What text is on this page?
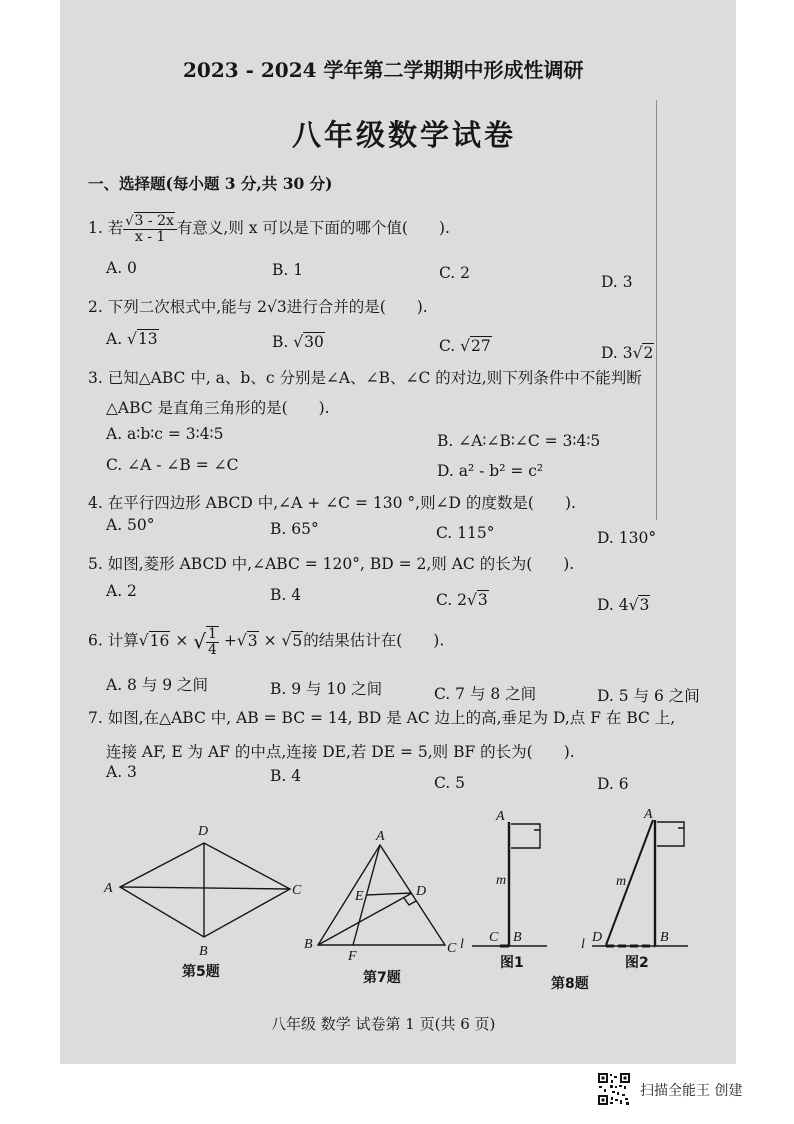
2023 - 2024 学年第二学期期中形成性调研
八年级数学试卷
一、选择题(每小题 3 分,共 30 分)
1. 若 $\frac{√3 - 2x}{x - 1}$ 有意义,则 x 可以是下面的哪个值(　　).
A. 0	B. 1	C. 2	D. 3
2. 下列二次根式中,能与 2√3进行合并的是(　　).
A. √13	B. √30	C. √27	D. 3√2
3. 已知△ABC 中, a、b、c 分别是∠A、∠B、∠C 的对边,则下列条件中不能判断
△ABC 是直角三角形的是(　　).
A. a∶b∶c = 3∶4∶5	B. ∠A∶∠B∶∠C = 3∶4∶5
C. ∠A - ∠B = ∠C	D. a² - b² = c²
4. 在平行四边形 ABCD 中,∠A + ∠C = 130 °,则∠D 的度数是(　　).
A. 50°	B. 65°	C. 115°	D. 130°
5. 如图,菱形 ABCD 中,∠ABC = 120°, BD = 2,则 AC 的长为(　　).
A. 2	B. 4	C. 2√3	D. 4√3
6. 计算√16 × √ $\frac{1}{4} +√3 \times √5$的结果估计在(　　).
A. 8 与 9 之间	B. 9 与 10 之间	C. 7 与 8 之间	D. 5 与 6 之间
7. 如图,在△ABC 中, AB = BC = 14, BD 是 AC 边上的高,垂足为 D,点 F 在 BC 上,
连接 AF, E 为 AF 的中点,连接 DE,若 DE = 5,则 BF 的长为(　　).
A. 3	B. 4	C. 5	D. 6
A
B
C
D	A
B	C
D
E
F
A
m
C B
l
A
m
D	B
l
第5题	第7题
图1	图2
第8题
八年级 数学 试卷第 1 页(共 6 页)
扫描全能王 创建
